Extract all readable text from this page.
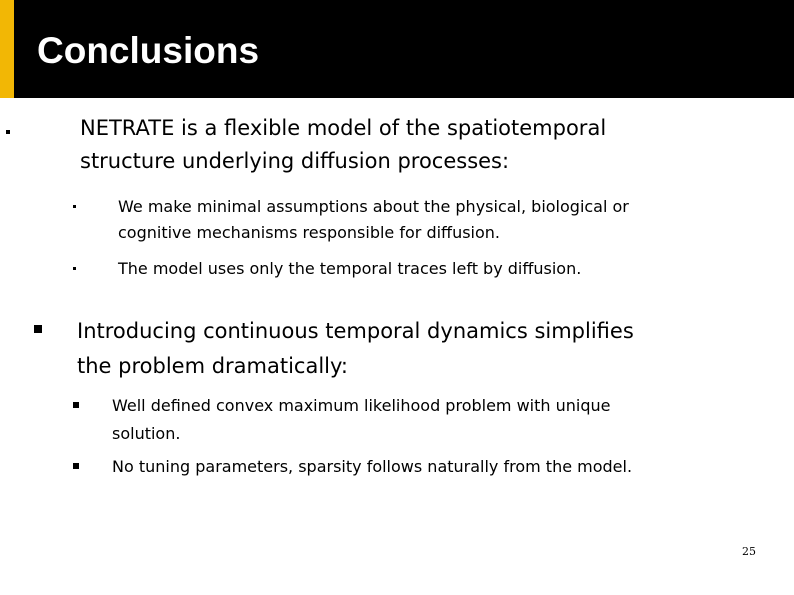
Conclusions
NETRATE is a flexible model of the spatiotemporal
structure underlying diffusion processes:
We make minimal assumptions about the physical, biological or
cognitive mechanisms responsible for diffusion.
The model uses only the temporal traces left by diffusion.
Introducing continuous temporal dynamics simplifies
the problem dramatically:
Well defined convex maximum likelihood problem with unique
solution.
No tuning parameters, sparsity follows naturally from the model.
25
